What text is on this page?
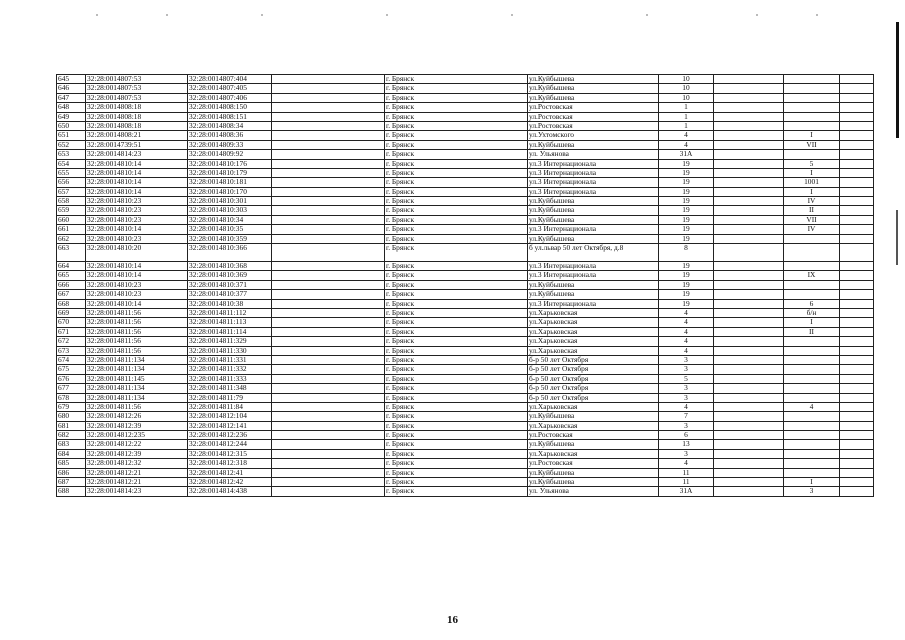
645	32:28:0014807:53	32:28:0014807:404		г. Брянск	ул.Куйбышева	10			
646	32:28:0014807:53	32:28:0014807:405		г. Брянск	ул.Куйбышева	10			
647	32:28:0014807:53	32:28:0014807:406		г. Брянск	ул.Куйбышева	10			
648	32:28:0014808:18	32:28:0014808:150		г. Брянск	ул.Ростовская	1			
649	32:28:0014808:18	32:28:0014808:151		г. Брянск	ул.Ростовская	1			
650	32:28:0014808:18	32:28:0014808:34		г. Брянск	ул.Ростовская	1			
651	32:28:0014808:21	32:28:0014808:36		г. Брянск	ул.Ухтомского	4		I	
652	32:28:0014739:51	32:28:0014809:33		г. Брянск	ул.Куйбышева	4		VII	
653	32:28:0014814:23	32:28:0014809:92		г. Брянск	ул. Ульянова	31А			
654	32:28:0014810:14	32:28:0014810:176		г. Брянск	ул.3 Интернационала	19		5	
655	32:28:0014810:14	32:28:0014810:179		г. Брянск	ул.3 Интернационала	19		I	
656	32:28:0014810:14	32:28:0014810:181		г. Брянск	ул.3 Интернационала	19		1001	
657	32:28:0014810:14	32:28:0014810:170		г. Брянск	ул.3 Интернационала	19		I	
658	32:28:0014810:23	32:28:0014810:301		г. Брянск	ул.Куйбышева	19		IV	
659	32:28:0014810:23	32:28:0014810:303		г. Брянск	ул.Куйбышева	19		II	
660	32:28:0014810:23	32:28:0014810:34		г. Брянск	ул.Куйбышева	19		VII	
661	32:28:0014810:14	32:28:0014810:35		г. Брянск	ул.3 Интернационала	19		IV	
662	32:28:0014810:23	32:28:0014810:359		г. Брянск	ул.Куйбышева	19			
663	32:28:0014810:20	32:28:0014810:366		г. Брянск	б ул.львар 50 лет Октября, д.8	8			
664	32:28:0014810:14	32:28:0014810:368		г. Брянск	ул.3 Интернационала	19			
665	32:28:0014810:14	32:28:0014810:369		г. Брянск	ул.3 Интернационала	19		IX	
666	32:28:0014810:23	32:28:0014810:371		г. Брянск	ул.Куйбышева	19			
667	32:28:0014810:23	32:28:0014810:377		г. Брянск	ул.Куйбышева	19			
668	32:28:0014810:14	32:28:0014810:38		г. Брянск	ул.3 Интернационала	19		6	
669	32:28:0014811:56	32:28:0014811:112		г. Брянск	ул.Харьковская	4		б/н	
670	32:28:0014811:56	32:28:0014811:113		г. Брянск	ул.Харьковская	4		I	
671	32:28:0014811:56	32:28:0014811:114		г. Брянск	ул.Харьковская	4		II	
672	32:28:0014811:56	32:28:0014811:329		г. Брянск	ул.Харьковская	4			
673	32:28:0014811:56	32:28:0014811:330		г. Брянск	ул.Харьковская	4			
674	32:28:0014811:134	32:28:0014811:331		г. Брянск	б-р 50 лет Октября	3			
675	32:28:0014811:134	32:28:0014811:332		г. Брянск	б-р 50 лет Октября	3			
676	32:28:0014811:145	32:28:0014811:333		г. Брянск	б-р 50 лет Октября	5			
677	32:28:0014811:134	32:28:0014811:348		г. Брянск	б-р 50 лет Октября	3			
678	32:28:0014811:134	32:28:0014811:79		г. Брянск	б-р 50 лет Октября	3			
679	32:28:0014811:56	32:28:0014811:84		г. Брянск	ул.Харьковская	4		4	
680	32:28:0014812:26	32:28:0014812:104		г. Брянск	ул.Куйбышева	7			
681	32:28:0014812:39	32:28:0014812:141		г. Брянск	ул.Харьковская	3			
682	32:28:0014812:235	32:28:0014812:236		г. Брянск	ул.Ростовская	6			
683	32:28:0014812:22	32:28:0014812:244		г. Брянск	ул.Куйбышева	13			
684	32:28:0014812:39	32:28:0014812:315		г. Брянск	ул.Харьковская	3			
685	32:28:0014812:32	32:28:0014812:318		г. Брянск	ул.Ростовская	4			
686	32:28:0014812:21	32:28:0014812:41		г. Брянск	ул.Куйбышева	11			
687	32:28:0014812:21	32:28:0014812:42		г. Брянск	ул.Куйбышева	11		I	
688	32:28:0014814:23	32:28:0014814:438		г. Брянск	ул. Ульянова	31А		3	
16
